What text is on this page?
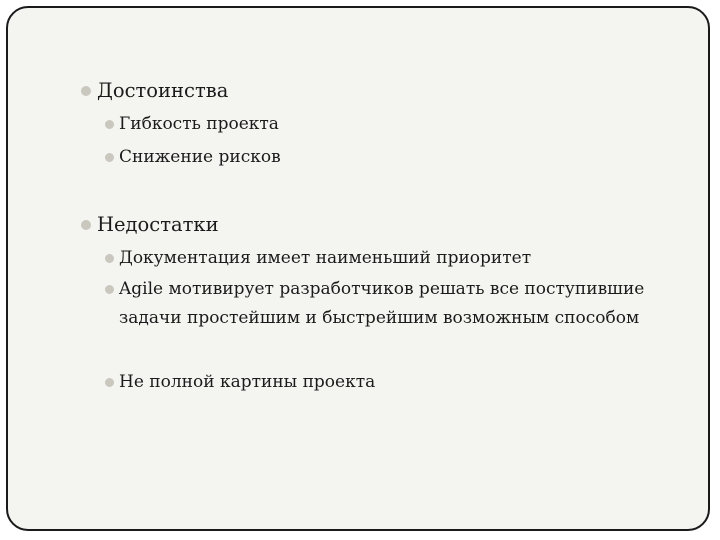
Достоинства
Гибкость проекта
Снижение рисков
Недостатки
Документация имеет наименьший приоритет
Agile мотивирует разработчиков решать все поступившие задачи простейшим и быстрейшим возможным способом
Не полной картины проекта
